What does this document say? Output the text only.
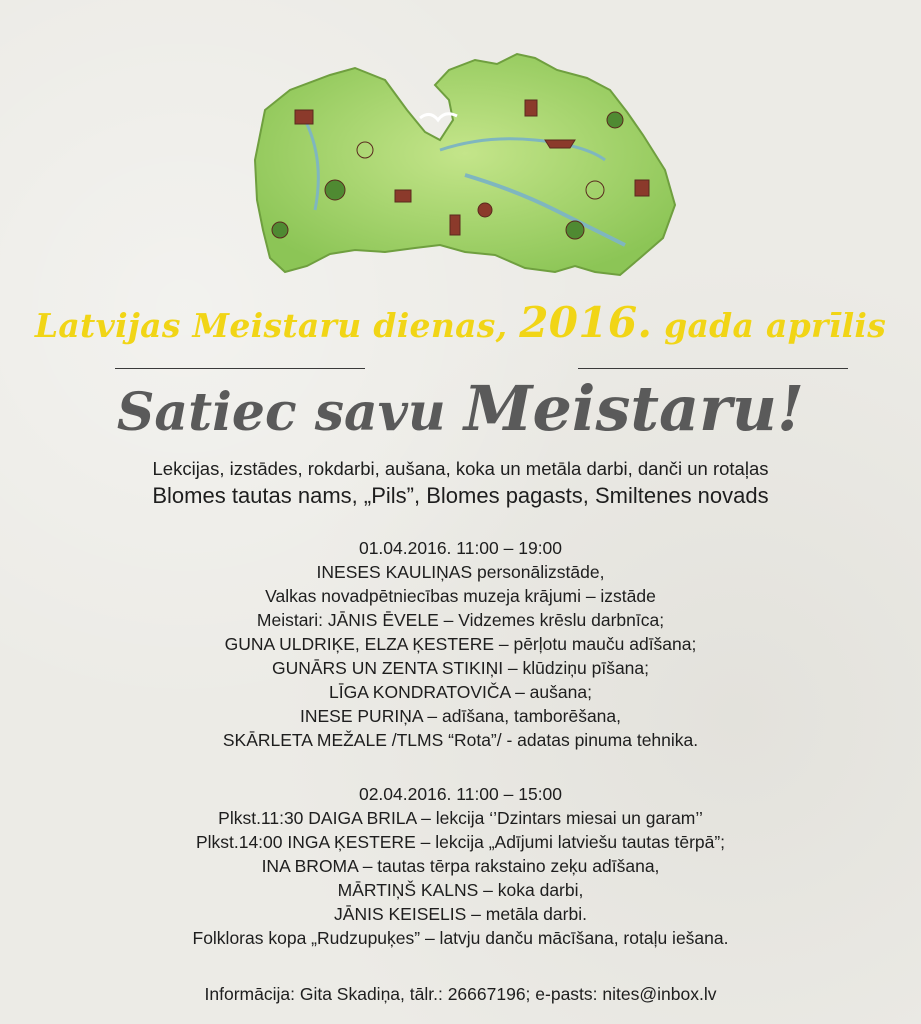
Latvijas Meistaru dienas, 2016. gada aprīlis
Satiec savu Meistaru!
Lekcijas, izstādes, rokdarbi, aušana, koka un metāla darbi, danči un rotaļas
Blomes tautas nams, „Pils”, Blomes pagasts, Smiltenes novads
01.04.2016. 11:00 – 19:00
INESES KAULIŅAS personālizstāde,
Valkas novadpētniecības muzeja krājumi – izstāde
Meistari: JĀNIS ĒVELE – Vidzemes krēslu darbnīca;
GUNA ULDRIĶE, ELZA ĶESTERE – pērļotu mauču adīšana;
GUNĀRS UN ZENTA STIKIŅI – klūdziņu pīšana;
LĪGA KONDRATOVIČA – aušana;
INESE PURIŅA – adīšana, tamborēšana,
SKĀRLETA MEŽALE /TLMS “Rota”/ - adatas pinuma tehnika.
02.04.2016. 11:00 – 15:00
Plkst.11:30 DAIGA BRILA – lekcija ‘’Dzintars miesai un garam’’
Plkst.14:00 INGA ĶESTERE – lekcija „Adījumi latviešu tautas tērpā”;
INA BROMA – tautas tērpa rakstaino zeķu adīšana,
MĀRTIŅŠ KALNS – koka darbi,
JĀNIS KEISELIS – metāla darbi.
Folkloras kopa „Rudzupuķes” – latvju danču mācīšana, rotaļu iešana.
Informācija: Gita Skadiņa, tālr.: 26667196; e-pasts: nites@inbox.lv
